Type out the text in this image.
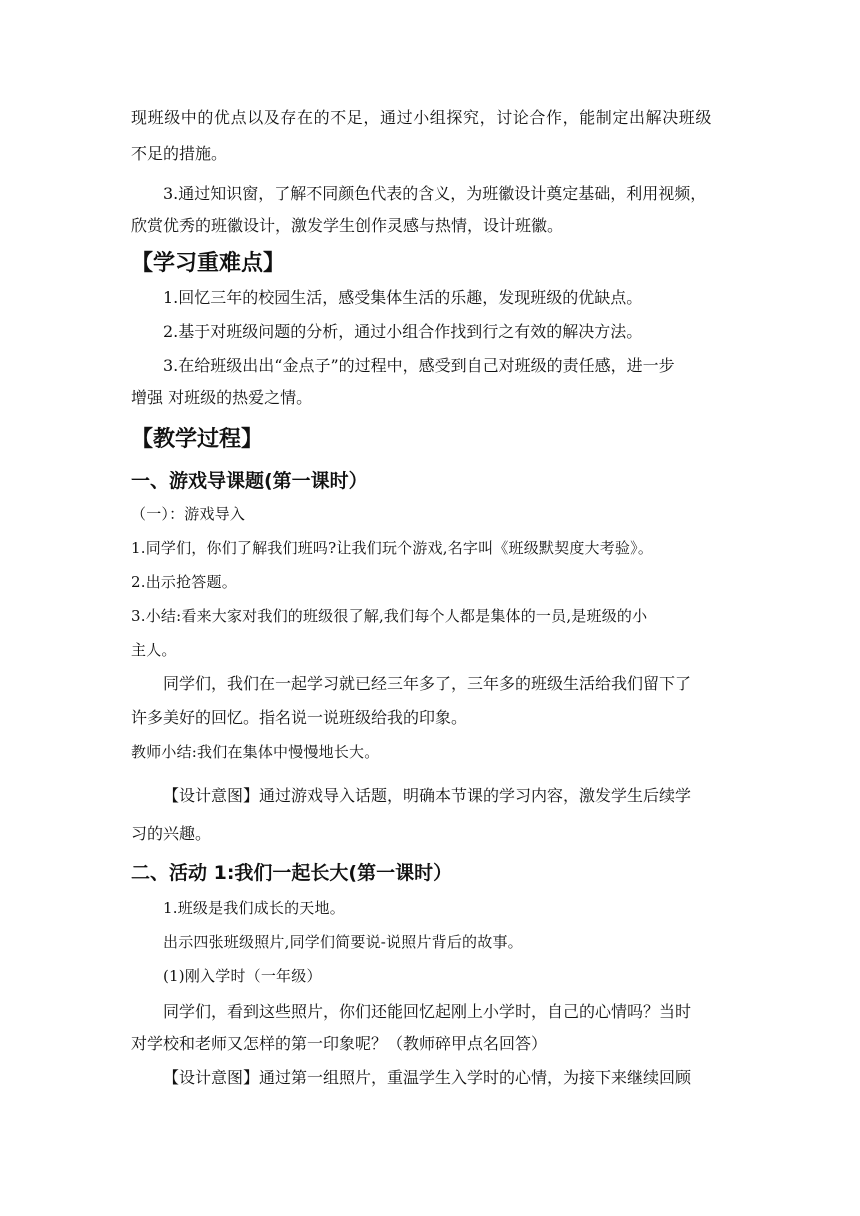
现班级中的优点以及存在的不足，通过小组探究，讨论合作，能制定出解决班级
不足的措施。
3.通过知识窗，了解不同颜色代表的含义，为班徽设计奠定基础，利用视频，
欣赏优秀的班徽设计，激发学生创作灵感与热情，设计班徽。
【学习重难点】
1.回忆三年的校园生活，感受集体生活的乐趣，发现班级的优缺点。
2.基于对班级问题的分析，通过小组合作找到行之有效的解决方法。
3.在给班级出出“金点子”的过程中，感受到自己对班级的责任感，进一步
增强 对班级的热爱之情。
【教学过程】
一、游戏导课题(第一课时）
（一）：游戏导入
1.同学们，你们了解我们班吗?让我们玩个游戏,名字叫《班级默契度大考验》。
2.出示抢答题。
3.小结:看来大家对我们的班级很了解,我们每个人都是集体的一员,是班级的小
主人。
同学们，我们在一起学习就已经三年多了，三年多的班级生活给我们留下了
许多美好的回忆。指名说一说班级给我的印象。
教师小结:我们在集体中慢慢地长大。
【设计意图】通过游戏导入话题，明确本节课的学习内容，激发学生后续学
习的兴趣。
二、活动 1:我们一起长大(第一课时）
1.班级是我们成长的天地。
出示四张班级照片,同学们简要说-说照片背后的故事。
(1)刚入学时（一年级）
同学们，看到这些照片，你们还能回忆起刚上小学时，自己的心情吗？当时
对学校和老师又怎样的第一印象呢？（教师碎甲点名回答）
【设计意图】通过第一组照片，重温学生入学时的心情，为接下来继续回顾
